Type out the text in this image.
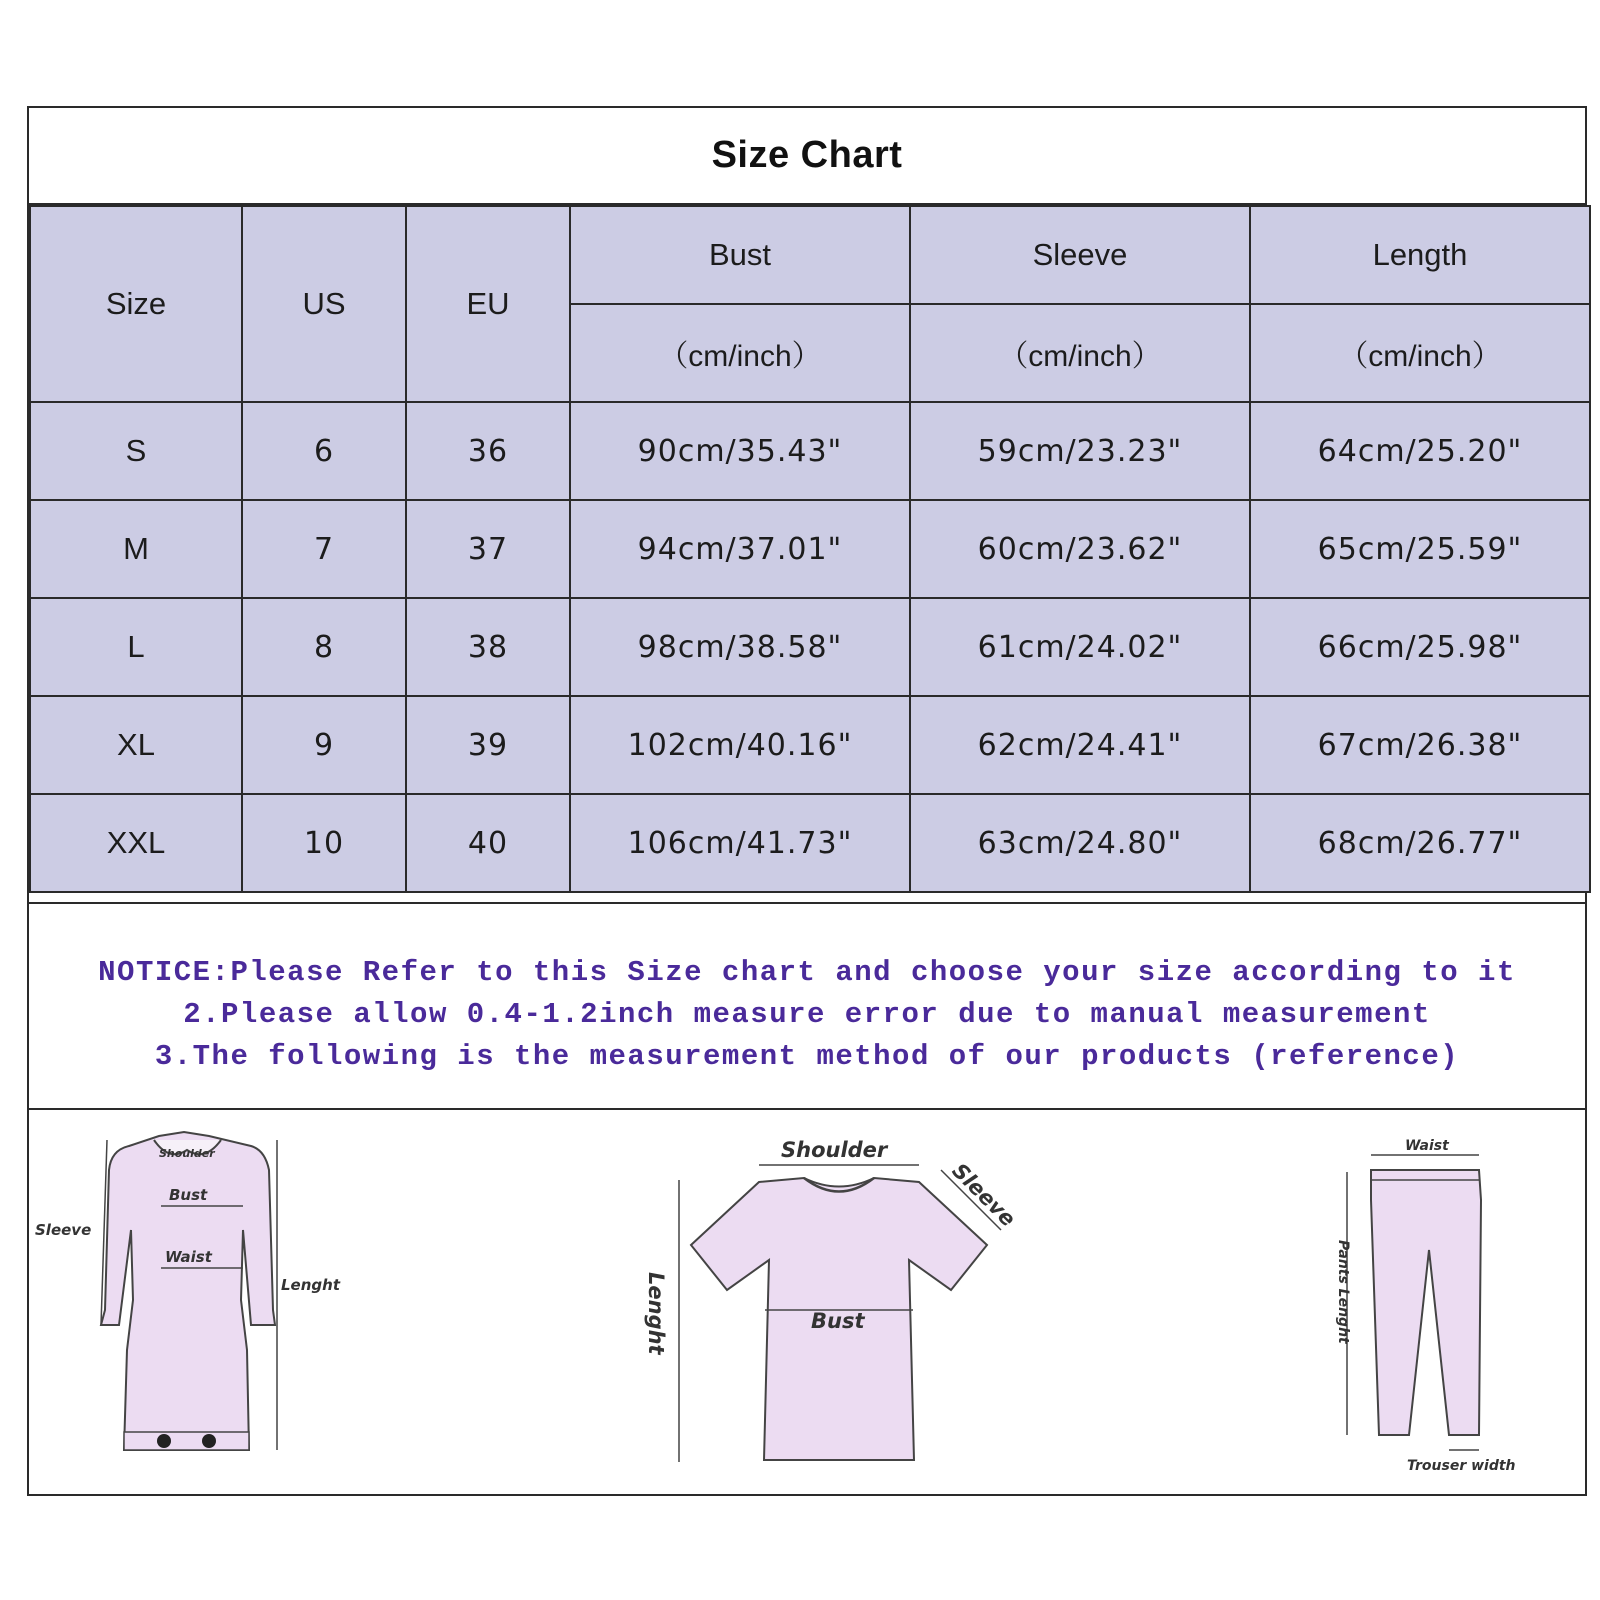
Size Chart
Size	US	EU	Bust	Sleeve	Length
			（cm/inch）	（cm/inch）	（cm/inch）
S	6	36	90cm/35.43"	59cm/23.23"	64cm/25.20"
M	7	37	94cm/37.01"	60cm/23.62"	65cm/25.59"
L	8	38	98cm/38.58"	61cm/24.02"	66cm/25.98"
XL	9	39	102cm/40.16"	62cm/24.41"	67cm/26.38"
XXL	10	40	106cm/41.73"	63cm/24.80"	68cm/26.77"
NOTICE:Please Refer to this Size chart and choose your size according to it
2.Please allow 0.4-1.2inch measure error due to manual measurement
3.The following is the measurement method of our products (reference)
Shoulder
Bust
Waist
Sleeve
Lenght
Shoulder
Sleeve
Bust
Lenght
Waist
Pants Lenght
Trouser width
